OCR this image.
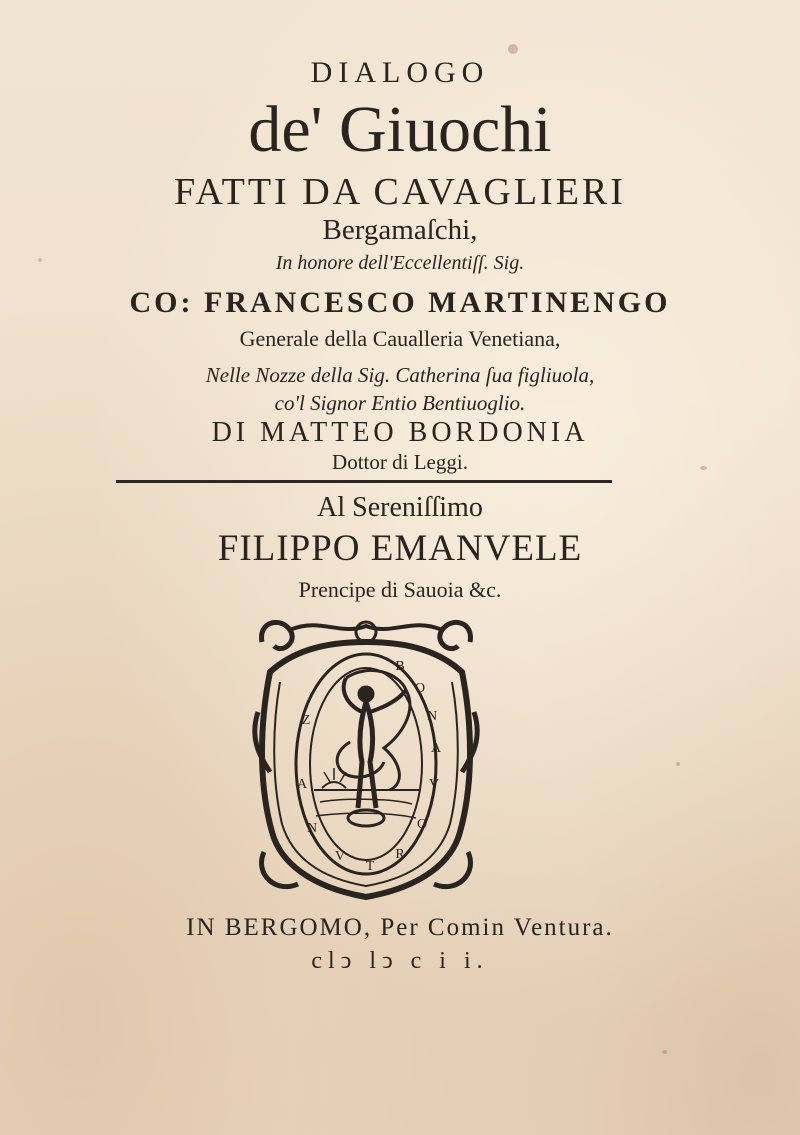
DIALOGO
de' Giuochi
FATTI DA CAVAGLIERI
Bergamaſchi,
In honore dell'Eccellentiſſ. Sig.
CO: FRANCESCO MARTINENGO
Generale della Caualleria Venetiana,
Nelle Nozze della Sig. Catherina ſua figliuola,
co'l Signor Entio Bentiuoglio.
DI MATTEO BORDONIA
Dottor di Leggi.
Al Sereniſſimo
FILIPPO EMANVELE
Prencipe di Sauoia &c.
B
O
N
A
V
O
R
T
V
N
A
Z
IN BERGOMO, Per Comin Ventura.
clↄ lↄ c i i.
